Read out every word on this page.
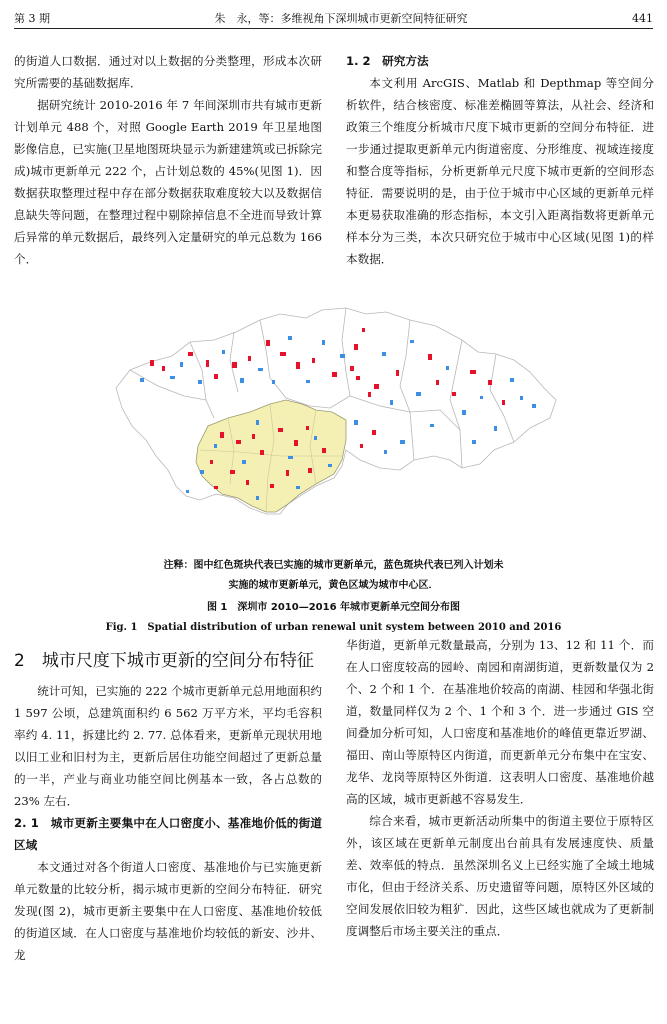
第 3 期	朱　永，等：多维视角下深圳城市更新空间特征研究	441

的街道人口数据．通过对以上数据的分类整理，形成本次研究所需要的基础数据库．

据研究统计 2010-2016 年 7 年间深圳市共有城市更新计划单元 488 个，对照 Google Earth 2019 年卫星地图影像信息，已实施(卫星地图斑块显示为新建建筑或已拆除完成)城市更新单元 222 个，占计划总数的 45%(见图 1)．因数据获取整理过程中存在部分数据获取难度较大以及数据信息缺失等问题，在整理过程中剔除掉信息不全进而导致计算后异常的单元数据后，最终列入定量研究的单元总数为 166 个．

1. 2　研究方法

本文利用 ArcGIS、Matlab 和 Depthmap 等空间分析软件，结合核密度、标准差椭圆等算法，从社会、经济和政策三个维度分析城市尺度下城市更新的空间分布特征．进一步通过提取更新单元内街道密度、分形维度、视域连接度和整合度等指标，分析更新单元尺度下城市更新的空间形态特征．需要说明的是，由于位于城市中心区域的更新单元样本更易获取准确的形态指标，本文引入距离指数将更新单元样本分为三类，本次只研究位于城市中心区域(见图 1)的样本数据．

注释：图中红色斑块代表已实施的城市更新单元，蓝色斑块代表已列入计划未
实施的城市更新单元，黄色区域为城市中心区．
图 1　深圳市 2010—2016 年城市更新单元空间分布图
Fig. 1　Spatial distribution of urban renewal unit system between 2010 and 2016
2　城市尺度下城市更新的空间分布特征

统计可知，已实施的 222 个城市更新单元总用地面积约 1 597 公顷，总建筑面积约 6 562 万平方米，平均毛容积率约 4. 11，拆建比约 2. 77. 总体看来，更新单元现状用地以旧工业和旧村为主，更新后居住功能空间超过了更新总量的一半，产业与商业功能空间比例基本一致，各占总数的 23% 左右．

2. 1　城市更新主要集中在人口密度小、基准地价低的街道区域

本文通过对各个街道人口密度、基准地价与已实施更新单元数量的比较分析，揭示城市更新的空间分布特征．研究发现(图 2)，城市更新主要集中在人口密度、基准地价较低的街道区域．在人口密度与基准地价均较低的新安、沙井、龙

华街道，更新单元数量最高，分别为 13、12 和 11 个．而在人口密度较高的园岭、南园和南湖街道，更新数量仅为 2 个、2 个和 1 个．在基准地价较高的南湖、桂园和华强北街道，数量同样仅为 2 个、1 个和 3 个．进一步通过 GIS 空间叠加分析可知，人口密度和基准地价的峰值更靠近罗湖、福田、南山等原特区内街道，而更新单元分布集中在宝安、龙华、龙岗等原特区外街道．这表明人口密度、基准地价越高的区域，城市更新越不容易发生．

综合来看，城市更新活动所集中的街道主要位于原特区外，该区域在更新单元制度出台前具有发展速度快、质量差、效率低的特点．虽然深圳名义上已经实施了全域土地城市化，但由于经济关系、历史遗留等问题，原特区外区域的空间发展依旧较为粗犷．因此，这些区域也就成为了更新制度调整后市场主要关注的重点．
